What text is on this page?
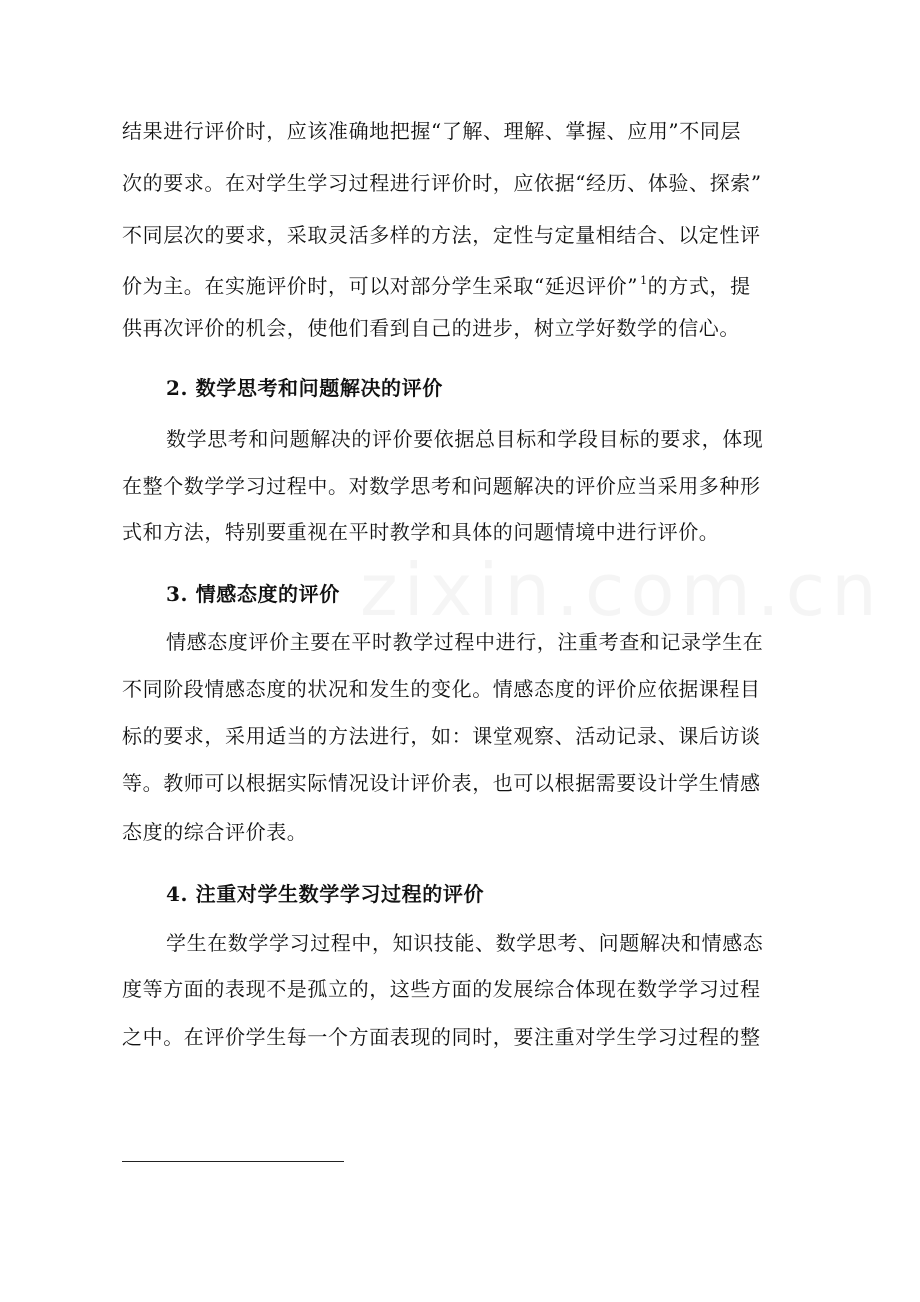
zixin.com.cn
结果进行评价时，应该准确地把握“了解、理解、掌握、应用”不同层
次的要求。在对学生学习过程进行评价时，应依据“经历、体验、探索”
不同层次的要求，采取灵活多样的方法，定性与定量相结合、以定性评
价为主。在实施评价时，可以对部分学生采取“延迟评价” $^1$的方式，提
供再次评价的机会，使他们看到自己的进步，树立学好数学的信心。
2. 数学思考和问题解决的评价
数学思考和问题解决的评价要依据总目标和学段目标的要求，体现
在整个数学学习过程中。对数学思考和问题解决的评价应当采用多种形
式和方法，特别要重视在平时教学和具体的问题情境中进行评价。
3. 情感态度的评价
情感态度评价主要在平时教学过程中进行，注重考查和记录学生在
不同阶段情感态度的状况和发生的变化。情感态度的评价应依据课程目
标的要求，采用适当的方法进行，如：课堂观察、活动记录、课后访谈
等。教师可以根据实际情况设计评价表，也可以根据需要设计学生情感
态度的综合评价表。
4. 注重对学生数学学习过程的评价
学生在数学学习过程中，知识技能、数学思考、问题解决和情感态
度等方面的表现不是孤立的，这些方面的发展综合体现在数学学习过程
之中。在评价学生每一个方面表现的同时，要注重对学生学习过程的整
